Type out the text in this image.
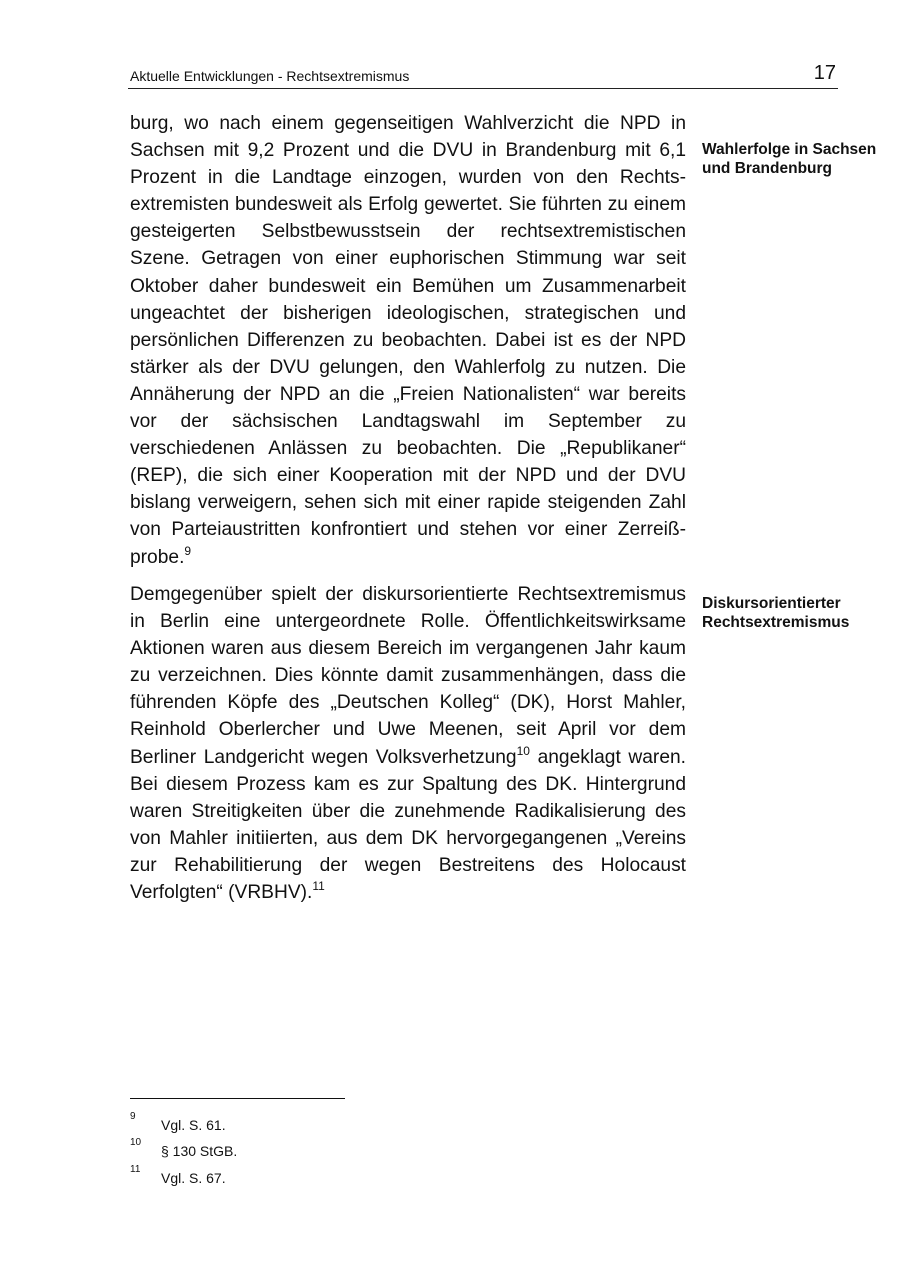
Aktuelle Entwicklungen - Rechtsextremismus	17
burg, wo nach einem gegenseitigen Wahlverzicht die NPD in Sachsen mit 9,2 Prozent und die DVU in Brandenburg mit 6,1 Prozent in die Landtage einzogen, wurden von den Rechtsextremisten bundesweit als Erfolg gewertet. Sie führten zu einem gesteigerten Selbstbewusstsein der rechtsextremistischen Szene. Getragen von einer euphorischen Stimmung war seit Oktober daher bundesweit ein Bemühen um Zusammenarbeit ungeachtet der bisherigen ideologischen, strategischen und persönlichen Differenzen zu beobachten. Dabei ist es der NPD stärker als der DVU gelungen, den Wahlerfolg zu nutzen. Die Annäherung der NPD an die „Freien Nationalisten“ war bereits vor der sächsischen Landtagswahl im September zu verschiedenen Anlässen zu beobachten. Die „Republikaner“ (REP), die sich einer Kooperation mit der NPD und der DVU bislang verweigern, sehen sich mit einer rapide steigenden Zahl von Parteiaustritten konfrontiert und stehen vor einer Zerreißprobe.$^9$
Wahlerfolge in Sachsen und Brandenburg
Demgegenüber spielt der diskursorientierte Rechtsextremismus in Berlin eine untergeordnete Rolle. Öffentlichkeitswirksame Aktionen waren aus diesem Bereich im vergangenen Jahr kaum zu verzeichnen. Dies könnte damit zusammenhängen, dass die führenden Köpfe des „Deutschen Kolleg“ (DK), Horst Mahler, Reinhold Oberlercher und Uwe Meenen, seit April vor dem Berliner Landgericht wegen Volksverhetzung$^{10}$ angeklagt waren. Bei diesem Prozess kam es zur Spaltung des DK. Hintergrund waren Streitigkeiten über die zunehmende Radikalisierung des von Mahler initiierten, aus dem DK hervorgegangenen „Vereins zur Rehabilitierung der wegen Bestreitens des Holocaust Verfolgten“ (VRBHV).$^{11}$
Diskursorientierter Rechtsextremismus
9
Vgl. S. 61.
10
§ 130 StGB.
11
Vgl. S. 67.
